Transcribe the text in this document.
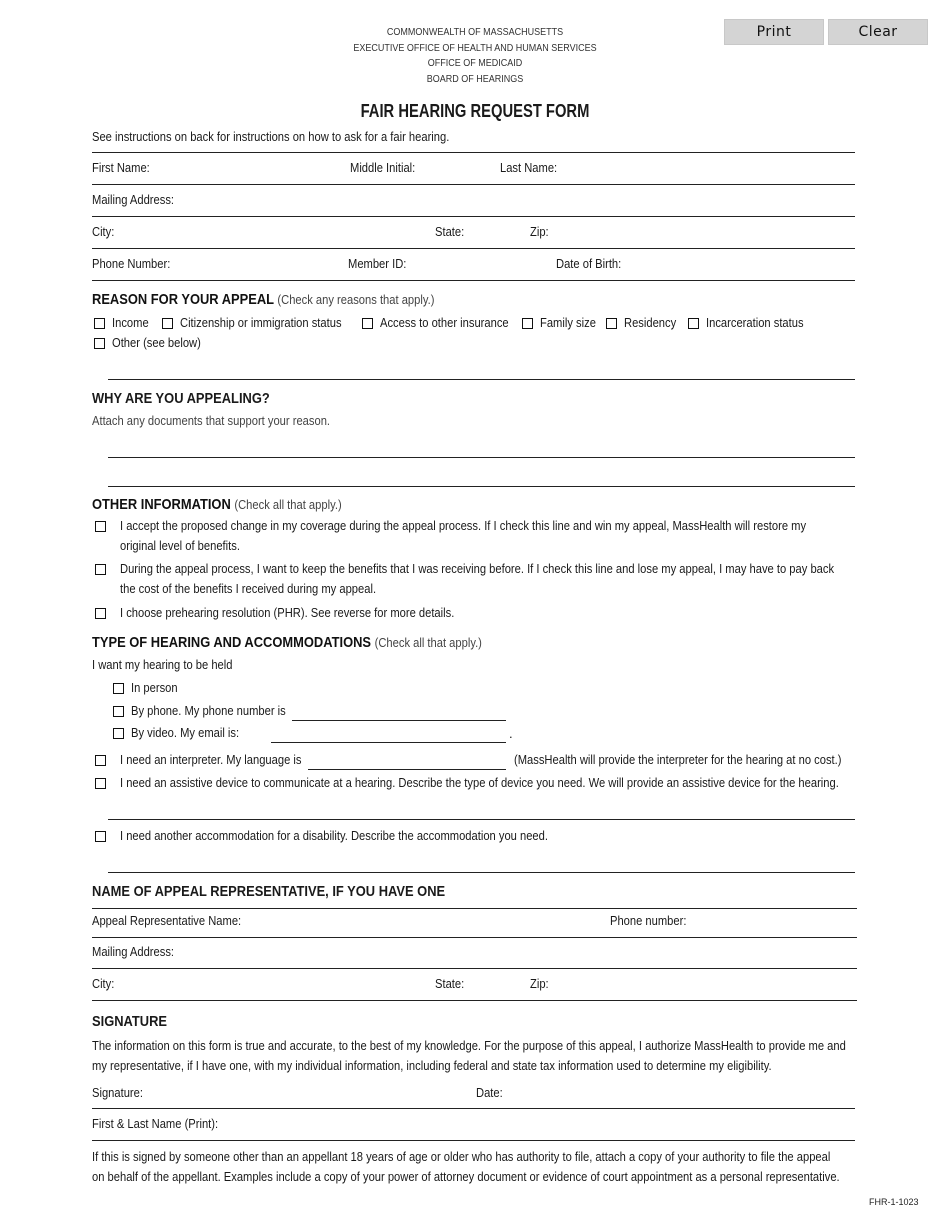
Print	Clear
COMMONWEALTH OF MASSACHUSETTS
EXECUTIVE OFFICE OF HEALTH AND HUMAN SERVICES
OFFICE OF MEDICAID
BOARD OF HEARINGS
FAIR HEARING REQUEST FORM
See instructions on back for instructions on how to ask for a fair hearing.
First Name:	Middle Initial:	Last Name:
Mailing Address:
City:	State:	Zip:
Phone Number:	Member ID:	Date of Birth:
REASON FOR YOUR APPEAL (Check any reasons that apply.)
Income Citizenship or immigration status	Access to other insurance Family size Residency Incarceration status
Other (see below)
WHY ARE YOU APPEALING?
Attach any documents that support your reason.
OTHER INFORMATION (Check all that apply.)
I accept the proposed change in my coverage during the appeal process. If I check this line and win my appeal, MassHealth will restore my
original level of benefits.
During the appeal process, I want to keep the benefits that I was receiving before. If I check this line and lose my appeal, I may have to pay back
the cost of the benefits I received during my appeal.
I choose prehearing resolution (PHR). See reverse for more details.
TYPE OF HEARING AND ACCOMMODATIONS (Check all that apply.)
I want my hearing to be held
In person
By phone. My phone number is
By video. My email is:	.
I need an interpreter. My language is	(MassHealth will provide the interpreter for the hearing at no cost.)
I need an assistive device to communicate at a hearing. Describe the type of device you need. We will provide an assistive device for the hearing.
I need another accommodation for a disability. Describe the accommodation you need.
NAME OF APPEAL REPRESENTATIVE, IF YOU HAVE ONE
Appeal Representative Name:	Phone number:
Mailing Address:
City:	State:	Zip:
SIGNATURE
The information on this form is true and accurate, to the best of my knowledge. For the purpose of this appeal, I authorize MassHealth to provide me and
my representative, if I have one, with my individual information, including federal and state tax information used to determine my eligibility.
Signature:	Date:
First & Last Name (Print):
If this is signed by someone other than an appellant 18 years of age or older who has authority to file, attach a copy of your authority to file the appeal
on behalf of the appellant. Examples include a copy of your power of attorney document or evidence of court appointment as a personal representative.
FHR-1-1023
